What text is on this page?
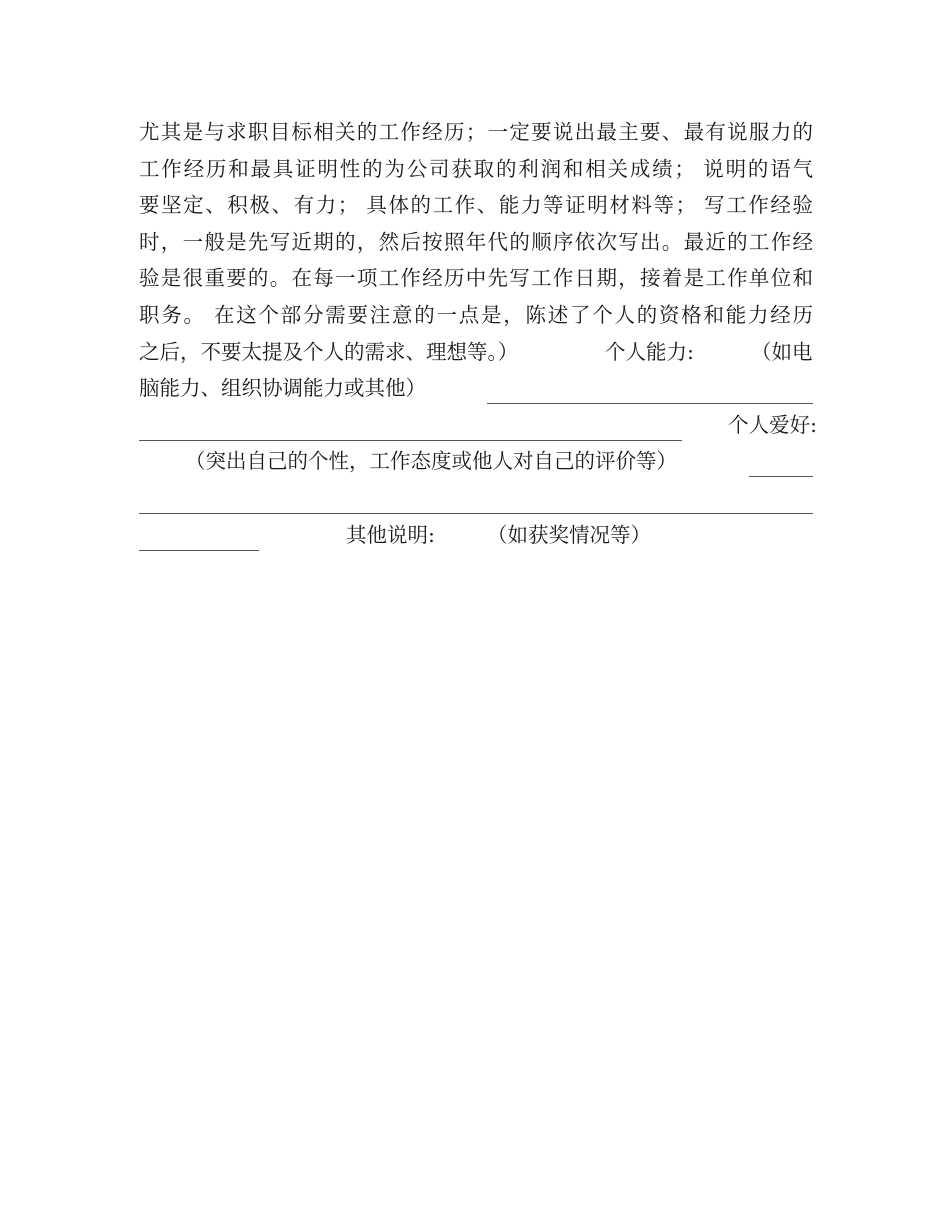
尤其是与求职目标相关的工作经历；一定要说出最主要、最有说服力的
工作经历和最具证明性的为公司获取的利润和相关成绩； 说明的语气
要坚定、积极、有力； 具体的工作、能力等证明材料等； 写工作经验
时，一般是先写近期的，然后按照年代的顺序依次写出。最近的工作经
验是很重要的。在每一项工作经历中先写工作日期，接着是工作单位和
职务。 在这个部分需要注意的一点是，陈述了个人的资格和能力经历
之后，不要太提及个人的需求、理想等。）	个人能力:	（如电
脑能力、组织协调能力或其他）
个人爱好:
（突出自己的个性，工作态度或他人对自己的评价等）
其他说明:	（如获奖情况等）
